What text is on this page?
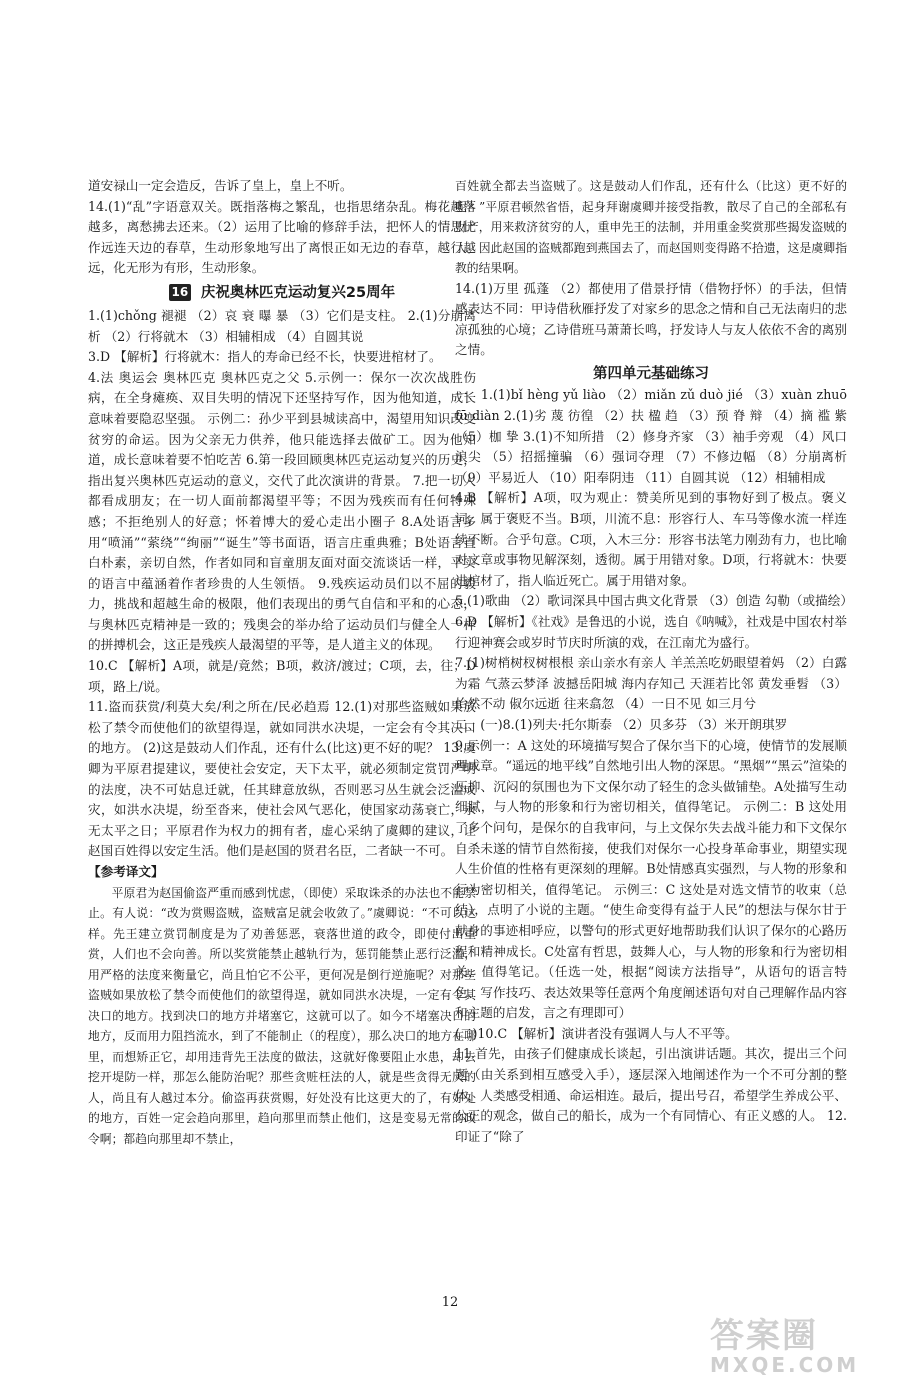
道安禄山一定会造反，告诉了皇上，皇上不听。

14.(1)“乱”字语意双关。既指落梅之繁乱，也指思绪杂乱。梅花越落越多，离愁拂去还来。（2）运用了比喻的修辞手法，把怀人的情思比作远连天边的春草，生动形象地写出了离恨正如无边的春草，越行越远，化无形为有形，生动形象。

16 庆祝奥林匹克运动复兴25周年

1.(1)chǒng 褪褪 （2）哀 衰 曝 暴 （3）它们是支柱。 2.(1)分崩离析 （2）行将就木 （3）相辅相成 （4）自圆其说

3.D 【解析】行将就木：指人的寿命已经不长，快要进棺材了。

4.法 奥运会 奥林匹克 奥林匹克之父 5.示例一：保尔一次次战胜伤病，在全身瘫痪、双目失明的情况下还坚持写作，因为他知道，成长意味着要隐忍坚强。 示例二：孙少平到县城读高中，渴望用知识改变贫穷的命运。因为父亲无力供养，他只能选择去做矿工。因为他知道，成长意味着要不怕吃苦 6.第一段回顾奥林匹克运动复兴的历史，指出复兴奥林匹克运动的意义，交代了此次演讲的背景。 7.把一切人都看成朋友；在一切人面前都渴望平等；不因为残疾而有任何特殊感；不拒绝别人的好意；怀着博大的爱心走出小圈子 8.A处语言多用“喷涌”“萦绕”“绚丽”“诞生”等书面语，语言庄重典雅；B处语言直白朴素，亲切自然，作者如同和盲童朋友面对面交流谈话一样，平实的语言中蕴涵着作者珍贵的人生领悟。 9.残疾运动员们以不屈的毅力，挑战和超越生命的极限，他们表现出的勇气自信和平和的心态，与奥林匹克精神是一致的；残奥会的举办给了运动员们与健全人一样的拼搏机会，这正是残疾人最渴望的平等，是人道主义的体现。

10.C 【解析】A项，就是/竟然；B项，救济/渡过；C项，去，往；D项，路上/说。

11.盗而获赏/利莫大矣/利之所在/民必趋焉 12.(1)对那些盗贼如果放松了禁令而使他们的欲望得逞，就如同洪水决堤，一定会有令其决口的地方。 (2)这是鼓动人们作乱，还有什么(比这)更不好的呢？ 13.虞卿为平原君提建议，要使社会安定，天下太平，就必须制定赏罚严明的法度，决不可姑息迁就，任其肆意放纵，否则恶习丛生就会泛滥成灾，如洪水决堤，纷至沓来，使社会风气恶化，使国家动荡衰亡，永无太平之日；平原君作为权力的拥有者，虚心采纳了虞卿的建议，让赵国百姓得以安定生活。他们是赵国的贤君名臣，二者缺一不可。

【参考译文】

平原君为赵国偷盗严重而感到忧虑，（即使）采取诛杀的办法也不能禁止。有人说：“改为赏赐盗贼，盗贼富足就会收敛了。”虞卿说：“不可以这样。先王建立赏罚制度是为了劝善惩恶，衰落世道的政令，即使付出重赏，人们也不会向善。所以奖赏能禁止越轨行为，惩罚能禁止恶行泛滥，用严格的法度来衡量它，尚且怕它不公平，更何况是倒行逆施呢？对那些盗贼如果放松了禁令而使他们的欲望得逞，就如同洪水决堤，一定有令其决口的地方。找到决口的地方并堵塞它，这就可以了。如今不堵塞决口的地方，反而用力阻挡流水，到了不能制止（的程度），那么决口的地方在哪里，而想矫正它，却用违背先王法度的做法，这就好像要阻止水患，却去挖开堤防一样，那怎么能防治呢？那些贪赃枉法的人，就是些贪得无厌的人，尚且有人越过本分。偷盗再获赏赐，好处没有比这更大的了，有好处的地方，百姓一定会趋向那里，趋向那里而禁止他们，这是变易无常的政令啊；都趋向那里却不禁止，

百姓就全都去当盗贼了。这是鼓动人们作乱，还有什么（比这）更不好的呢？”平原君顿然省悟，起身拜谢虞卿并接受指教，散尽了自己的全部私有财产，用来救济贫穷的人，重申先王的法制，并用重金奖赏那些揭发盗贼的人。因此赵国的盗贼都跑到燕国去了，而赵国则变得路不拾遗，这是虞卿指教的结果啊。

14.(1)万里 孤蓬 （2）都使用了借景抒情（借物抒怀）的手法，但情感表达不同：甲诗借秋雁抒发了对家乡的思念之情和自己无法南归的悲凉孤独的心境；乙诗借班马萧萧长鸣，抒发诗人与友人依依不舍的离别之情。

第四单元基础练习

一、1.(1)bǐ hèng yǔ liào （2）miǎn zǔ duò jié （3）xuàn zhuō fū diàn 2.(1)劣 蔑 彷徨 （2）扶 楹 趋 （3）预 脊 辩 （4）摘 褴 紫 （5）枷 挚 3.(1)不知所措 （2）修身齐家 （3）袖手旁观 （4）风口浪尖 （5）招摇撞骗 （6）强词夺理 （7）不修边幅 （8）分崩离析 （9）平易近人 （10）阳奉阴违 （11）自圆其说 （12）相辅相成

4.B 【解析】A项，叹为观止：赞美所见到的事物好到了极点。褒义词，属于褒贬不当。B项，川流不息：形容行人、车马等像水流一样连续不断。合乎句意。C项，入木三分：形容书法笔力刚劲有力，也比喻对文章或事物见解深刻，透彻。属于用错对象。D项，行将就木：快要进棺材了，指人临近死亡。属于用错对象。

5.(1)歌曲 （2）歌词深具中国古典文化背景 （3）创造 勾勒（或描绘）

6.D 【解析】《社戏》是鲁迅的小说，选自《呐喊》，社戏是中国农村举行迎神赛会或岁时节庆时所演的戏，在江南尤为盛行。

7.(1)树梢树杈树根根 亲山亲水有亲人 羊羔羔吃奶眼望着妈 （2）白露为霜 气蒸云梦泽 波撼岳阳城 海内存知己 天涯若比邻 黄发垂髫 （3）怡然不动 俶尔远逝 往来翕忽 （4）一日不见 如三月兮

二、(一)8.(1)列夫·托尔斯泰 （2）贝多芬 （3）米开朗琪罗

9.示例一：A 这处的环境描写契合了保尔当下的心境，使情节的发展顺理成章。“遥远的地平线”自然地引出人物的深思。“黑烟”“黑云”渲染的压抑、沉闷的氛围也为下文保尔动了轻生的念头做铺垫。A处描写生动细腻，与人物的形象和行为密切相关，值得笔记。 示例二：B 这处用了多个问句，是保尔的自我审问，与上文保尔失去战斗能力和下文保尔自杀未遂的情节自然衔接，使我们对保尔一心投身革命事业，期望实现人生价值的性格有更深刻的理解。B处情感真实强烈，与人物的形象和行为密切相关，值得笔记。 示例三：C 这处是对选文情节的收束（总结），点明了小说的主题。“使生命变得有益于人民”的想法与保尔甘于献身的事迹相呼应，以警句的形式更好地帮助我们认识了保尔的心路历程和精神成长。C处富有哲思，鼓舞人心，与人物的形象和行为密切相关，值得笔记。（任选一处，根据“阅读方法指导”，从语句的语言特色、写作技巧、表达效果等任意两个角度阐述语句对自己理解作品内容和主题的启发，言之有理即可）

(二)10.C 【解析】演讲者没有强调人与人不平等。

11.首先，由孩子们健康成长谈起，引出演讲话题。其次，提出三个问题（由关系到相互感受入手），逐层深入地阐述作为一个不可分割的整体，人类感受相通、命运相连。最后，提出号召，希望学生养成公平、公正的观念，做自己的船长，成为一个有同情心、有正义感的人。 12.印证了“除了

12
答案圈
MXQE.COM
